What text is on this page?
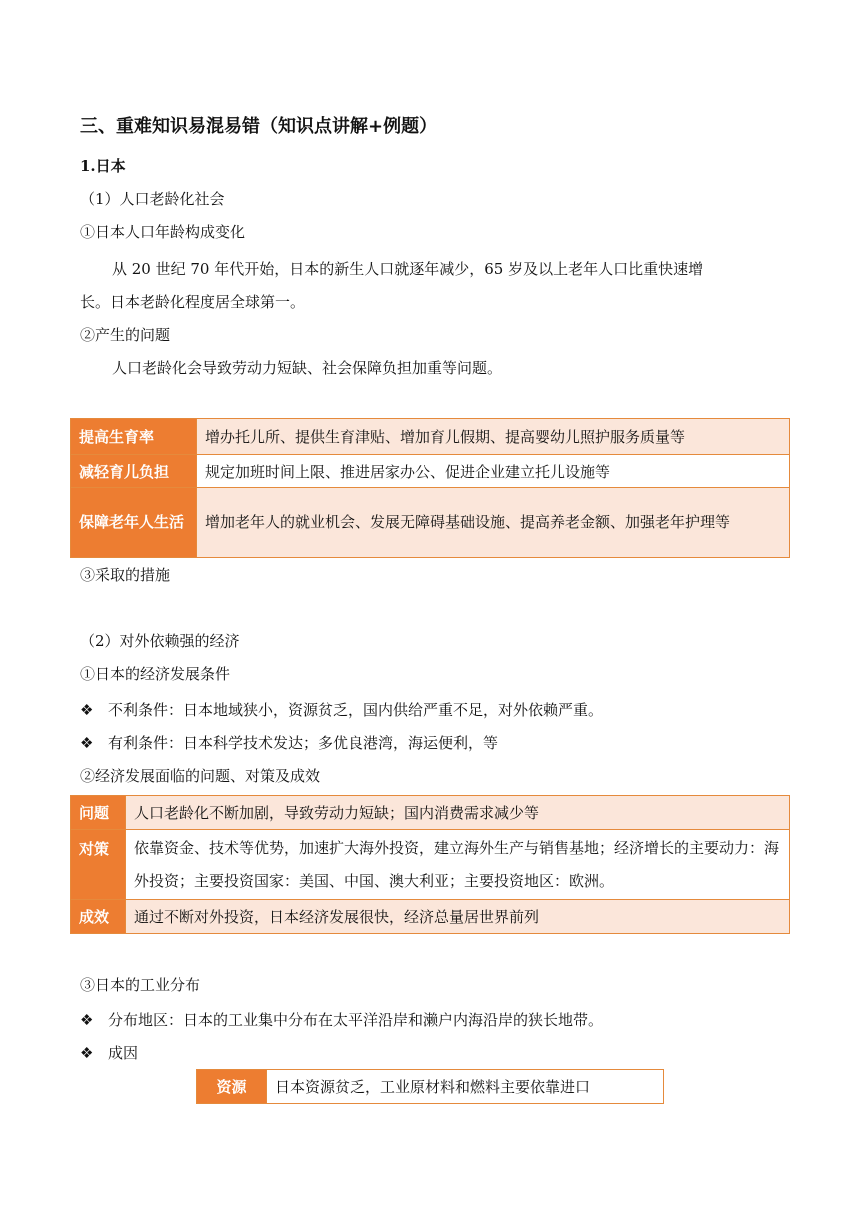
三、重难知识易混易错（知识点讲解+例题）
1.日本
（1）人口老龄化社会
①日本人口年龄构成变化
从 20 世纪 70 年代开始，日本的新生人口就逐年减少，65 岁及以上老年人口比重快速增
长。日本老龄化程度居全球第一。
②产生的问题
人口老龄化会导致劳动力短缺、社会保障负担加重等问题。
提高生育率	增办托儿所、提供生育津贴、增加育儿假期、提高婴幼儿照护服务质量等
减轻育儿负担	规定加班时间上限、推进居家办公、促进企业建立托儿设施等
保障老年人生活	增加老年人的就业机会、发展无障碍基础设施、提高养老金额、加强老年护理等
③采取的措施
（2）对外依赖强的经济
①日本的经济发展条件
❖ 不利条件：日本地域狭小，资源贫乏，国内供给严重不足，对外依赖严重。
❖ 有利条件：日本科学技术发达；多优良港湾，海运便利，等
②经济发展面临的问题、对策及成效
问题	人口老龄化不断加剧，导致劳动力短缺；国内消费需求减少等
对策	依靠资金、技术等优势，加速扩大海外投资，建立海外生产与销售基地；经济增长的主要动力：海外投资；主要投资国家：美国、中国、澳大利亚；主要投资地区：欧洲。
成效	通过不断对外投资，日本经济发展很快，经济总量居世界前列
③日本的工业分布
❖ 分布地区：日本的工业集中分布在太平洋沿岸和濑户内海沿岸的狭长地带。
❖ 成因
资源	日本资源贫乏，工业原材料和燃料主要依靠进口
